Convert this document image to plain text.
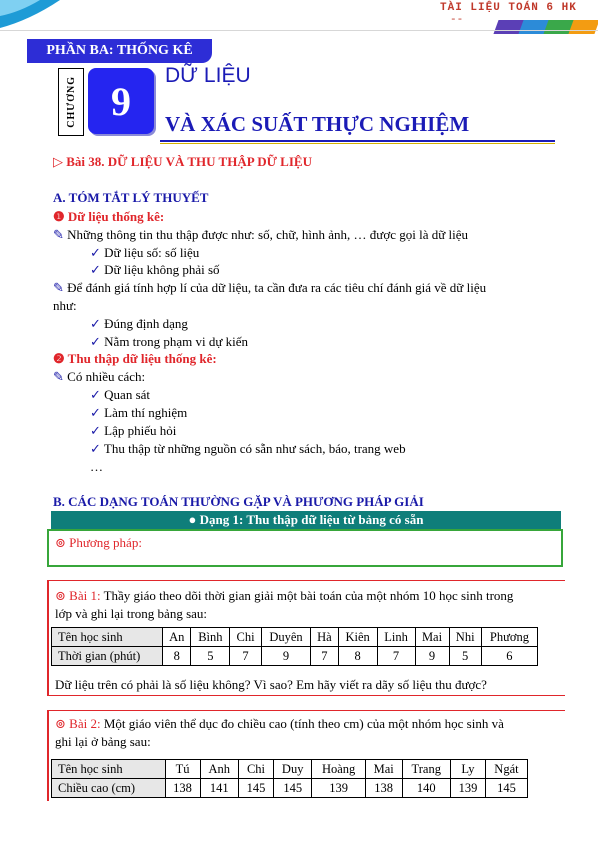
TÀI LIỆU TOÁN 6 HK
--
PHẦN BA: THỐNG KÊ
CHƯƠNG 9
DỮ LIỆU
VÀ XÁC SUẤT THỰC NGHIỆM
▷ Bài 38. DỮ LIỆU VÀ THU THẬP DỮ LIỆU
A. TÓM TẮT LÝ THUYẾT
❶ Dữ liệu thống kê:
✎ Những thông tin thu thập được như: số, chữ, hình ảnh, … được gọi là dữ liệu
✓ Dữ liệu số: số liệu
✓ Dữ liệu không phải số
✎ Để đánh giá tính hợp lí của dữ liệu, ta cần đưa ra các tiêu chí đánh giá về dữ liệu
như:
✓ Đúng định dạng
✓ Nằm trong phạm vi dự kiến
❷ Thu thập dữ liệu thống kê:
✎ Có nhiều cách:
✓ Quan sát
✓ Làm thí nghiệm
✓ Lập phiếu hỏi
✓ Thu thập từ những nguồn có sẵn như sách, báo, trang web
…
B. CÁC DẠNG TOÁN THƯỜNG GẶP VÀ PHƯƠNG PHÁP GIẢI
● Dạng 1: Thu thập dữ liệu từ bảng có sẵn
⊚ Phương pháp:
⊚ Bài 1: Thầy giáo theo dõi thời gian giải một bài toán của một nhóm 10 học sinh trong
lớp và ghi lại trong bảng sau:
Tên học sinh	An	Bình	Chi	Duyên	Hà	Kiên	Linh	Mai	Nhi	Phương
Thời gian (phút)	8	5	7	9	7	8	7	9	5	6
Dữ liệu trên có phải là số liệu không? Vì sao? Em hãy viết ra dãy số liệu thu được?
⊚ Bài 2: Một giáo viên thể dục đo chiều cao (tính theo cm) của một nhóm học sinh và
ghi lại ở bảng sau:
Tên học sinh	Tú	Anh	Chi	Duy	Hoàng	Mai	Trang	Ly	Ngát
Chiều cao (cm)	138	141	145	145	139	138	140	139	145
